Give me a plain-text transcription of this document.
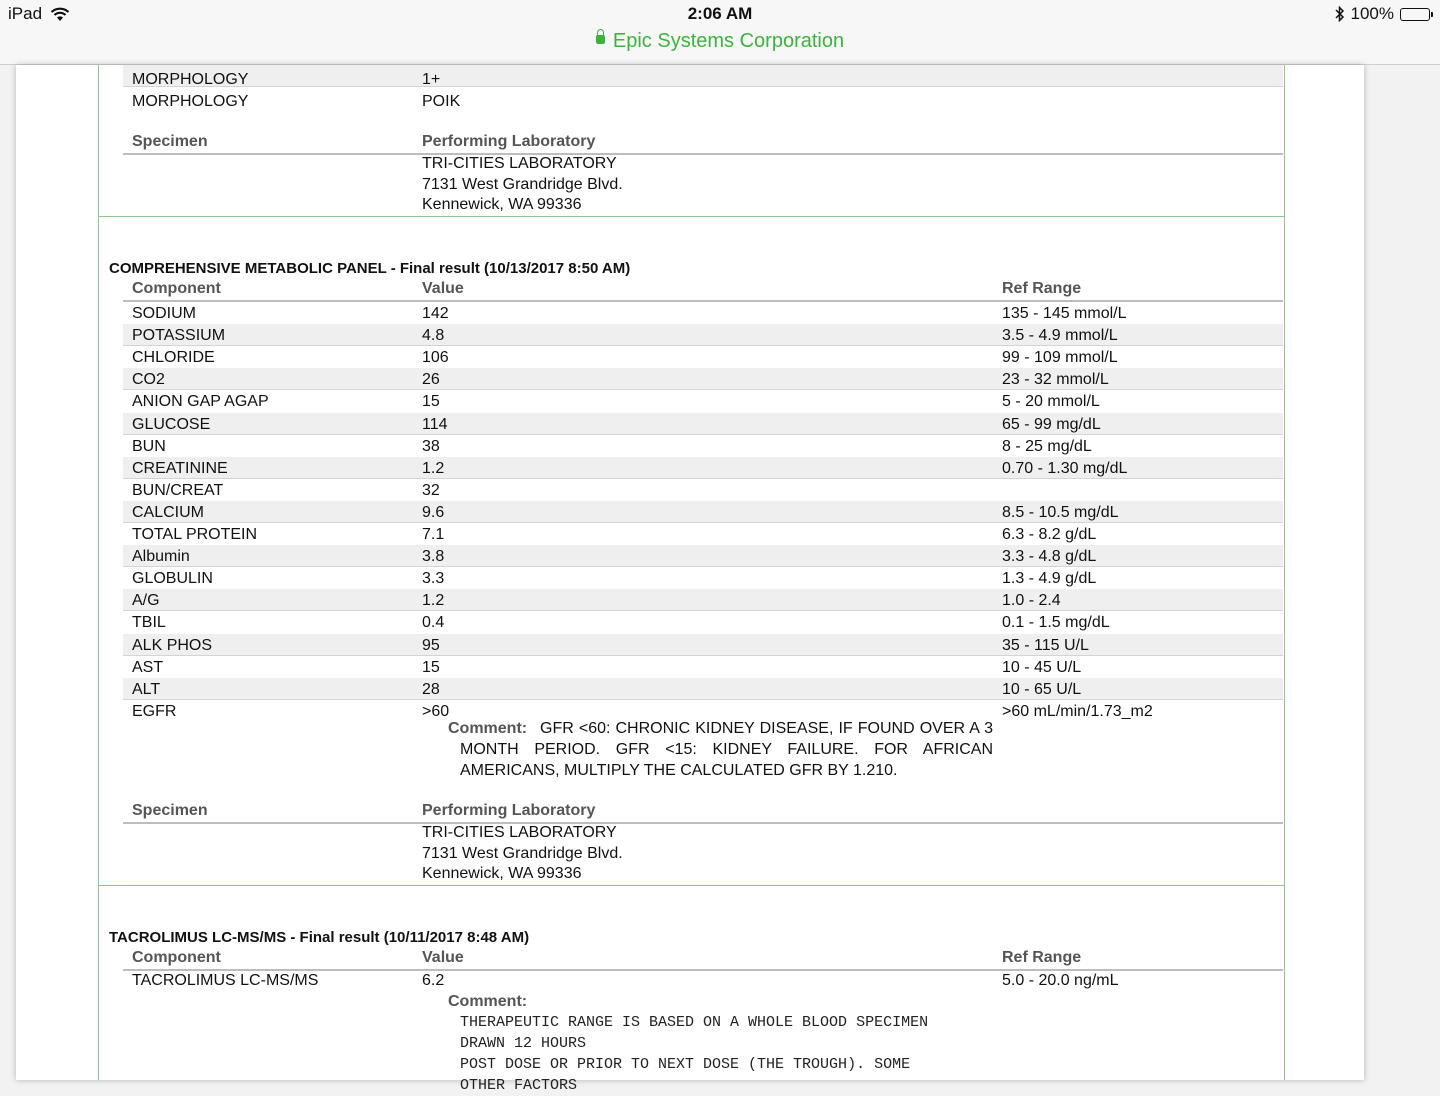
iPad	2:06 AM	100%
Epic Systems Corporation
MORPHOLOGY	1+
MORPHOLOGY	POIK
Specimen	Performing Laboratory
TRI-CITIES LABORATORY
7131 West Grandridge Blvd.
Kennewick, WA 99336
COMPREHENSIVE METABOLIC PANEL - Final result (10/13/2017 8:50 AM)
Component	Value	Ref Range
SODIUM	142	135 - 145 mmol/L
POTASSIUM	4.8	3.5 - 4.9 mmol/L
CHLORIDE	106	99 - 109 mmol/L
CO2	26	23 - 32 mmol/L
ANION GAP AGAP	15	5 - 20 mmol/L
GLUCOSE	114	65 - 99 mg/dL
BUN	38	8 - 25 mg/dL
CREATININE	1.2	0.70 - 1.30 mg/dL
BUN/CREAT	32
CALCIUM	9.6	8.5 - 10.5 mg/dL
TOTAL PROTEIN	7.1	6.3 - 8.2 g/dL
Albumin	3.8	3.3 - 4.8 g/dL
GLOBULIN	3.3	1.3 - 4.9 g/dL
A/G	1.2	1.0 - 2.4
TBIL	0.4	0.1 - 1.5 mg/dL
ALK PHOS	95	35 - 115 U/L
AST	15	10 - 45 U/L
ALT	28	10 - 65 U/L
EGFR	>60	>60 mL/min/1.73_m2
Comment: GFR <60: CHRONIC KIDNEY DISEASE, IF FOUND OVER A 3 MONTH PERIOD. GFR <15: KIDNEY FAILURE. FOR AFRICAN AMERICANS, MULTIPLY THE CALCULATED GFR BY 1.210.
Specimen	Performing Laboratory
TRI-CITIES LABORATORY
7131 West Grandridge Blvd.
Kennewick, WA 99336
TACROLIMUS LC-MS/MS - Final result (10/11/2017 8:48 AM)
Component	Value	Ref Range
TACROLIMUS LC-MS/MS	6.2	5.0 - 20.0 ng/mL
Comment:
THERAPEUTIC RANGE IS BASED ON A WHOLE BLOOD SPECIMEN
DRAWN 12 HOURS
POST DOSE OR PRIOR TO NEXT DOSE (THE TROUGH). SOME
OTHER FACTORS
